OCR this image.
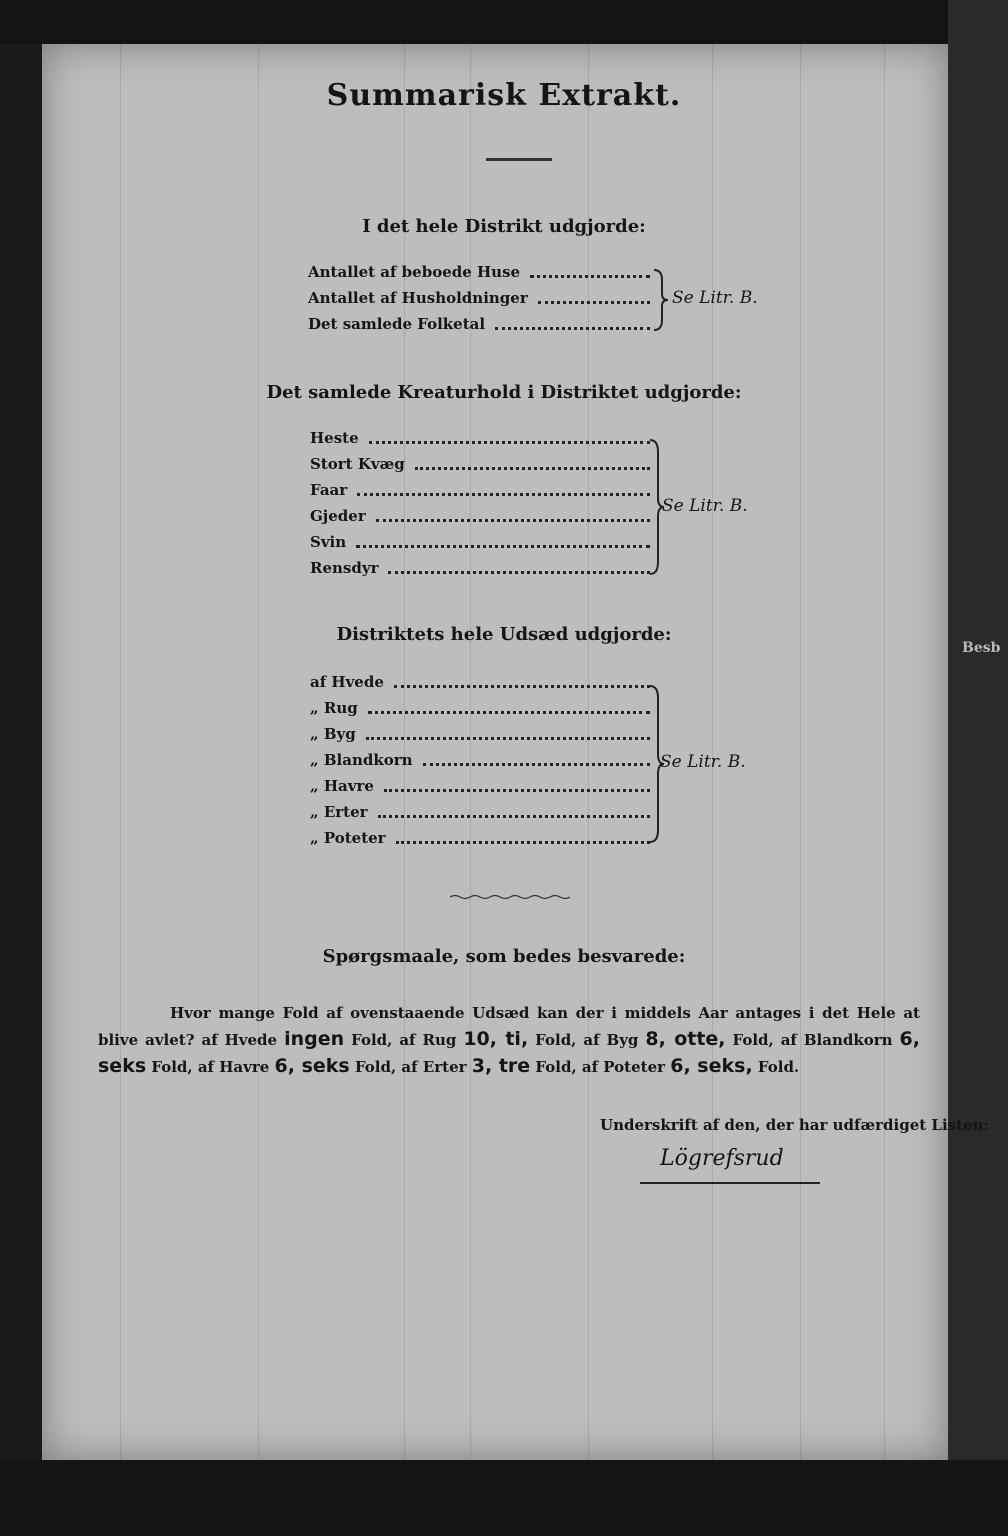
Besb
Summarisk Extrakt.
I det hele Distrikt udgjorde:
Antallet af beboede Huse
Antallet af Husholdninger
Det samlede Folketal
Se Litr. B.
Det samlede Kreaturhold i Distriktet udgjorde:
Heste
Stort Kvæg
Faar
Gjeder
Svin
Rensdyr
Se Litr. B.
Distriktets hele Udsæd udgjorde:
af Hvede
„ Rug
„ Byg
„ Blandkorn
„ Havre
„ Erter
„ Poteter
Se Litr. B.
Spørgsmaale, som bedes besvarede:
Hvor mange Fold af ovenstaaende Udsæd kan der i middels Aar antages i det Hele at blive avlet? af Hvede ingen Fold, af Rug 10, ti, Fold, af Byg 8, otte, Fold, af Blandkorn 6, seks Fold, af Havre 6, seks Fold, af Erter 3, tre Fold, af Poteter 6, seks, Fold.
Underskrift af den, der har udfærdiget Listen:
Lögrefsrud
